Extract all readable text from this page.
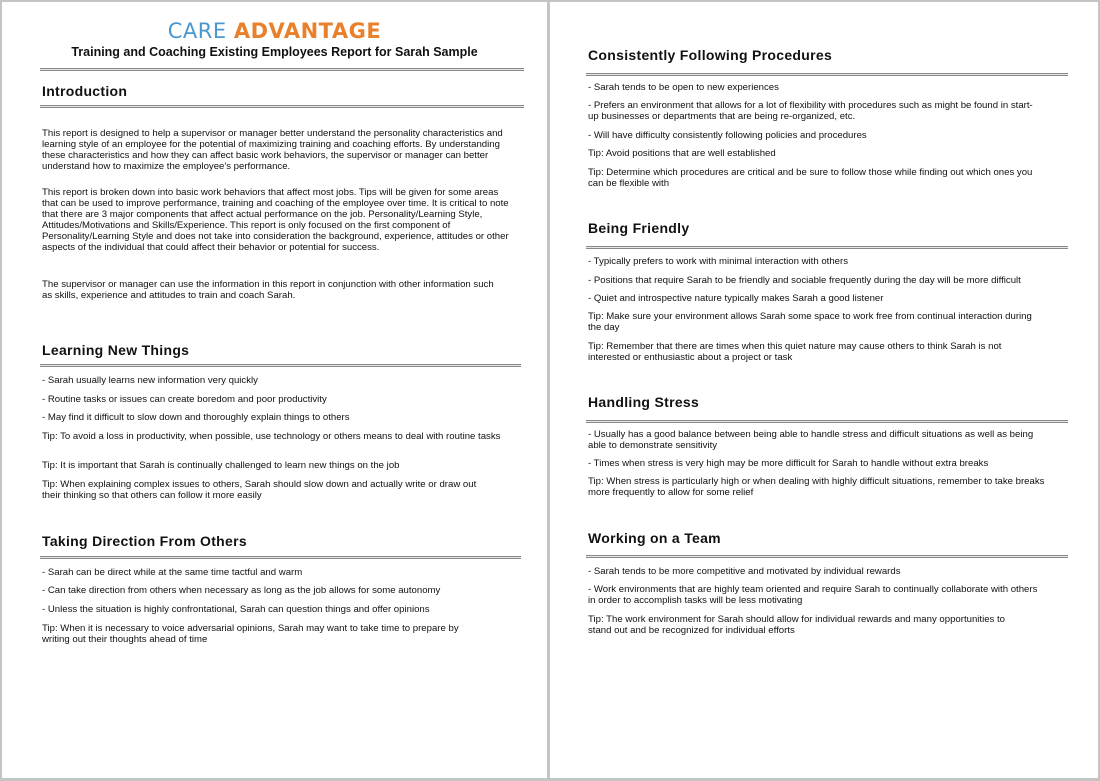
CARE ADVANTAGE
Training and Coaching Existing Employees Report for Sarah Sample
Introduction
This report is designed to help a supervisor or manager better understand the personality characteristics and learning style of an employee for the potential of maximizing training and coaching efforts. By understanding these characteristics and how they can affect basic work behaviors, the supervisor or manager can better understand how to maximize the employee's performance.
This report is broken down into basic work behaviors that affect most jobs. Tips will be given for some areas that can be used to improve performance, training and coaching of the employee over time. It is critical to note that there are 3 major components that affect actual performance on the job. Personality/Learning Style, Attitudes/Motivations and Skills/Experience. This report is only focused on the first component of Personality/Learning Style and does not take into consideration the background, experience, attitudes or other aspects of the individual that could affect their behavior or potential for success.
The supervisor or manager can use the information in this report in conjunction with other information such as skills, experience and attitudes to train and coach Sarah.
Learning New Things
- Sarah usually learns new information very quickly
- Routine tasks or issues can create boredom and poor productivity
- May find it difficult to slow down and thoroughly explain things to others
Tip: To avoid a loss in productivity, when possible, use technology or others means to deal with routine tasks
Tip: It is important that Sarah is continually challenged to learn new things on the job
Tip: When explaining complex issues to others, Sarah should slow down and actually write or draw out their thinking so that others can follow it more easily
Taking Direction From Others
- Sarah can be direct while at the same time tactful and warm
- Can take direction from others when necessary as long as the job allows for some autonomy
- Unless the situation is highly confrontational, Sarah can question things and offer opinions
Tip: When it is necessary to voice adversarial opinions, Sarah may want to take time to prepare by writing out their thoughts ahead of time
Consistently Following Procedures
- Sarah tends to be open to new experiences
- Prefers an environment that allows for a lot of flexibility with procedures such as might be found in start-up businesses or departments that are being re-organized, etc.
- Will have difficulty consistently following policies and procedures
Tip: Avoid positions that are well established
Tip: Determine which procedures are critical and be sure to follow those while finding out which ones you can be flexible with
Being Friendly
- Typically prefers to work with minimal interaction with others
- Positions that require Sarah to be friendly and sociable frequently during the day will be more difficult
- Quiet and introspective nature typically makes Sarah a good listener
Tip: Make sure your environment allows Sarah some space to work free from continual interaction during the day
Tip: Remember that there are times when this quiet nature may cause others to think Sarah is not interested or enthusiastic about a project or task
Handling Stress
- Usually has a good balance between being able to handle stress and difficult situations as well as being able to demonstrate sensitivity
- Times when stress is very high may be more difficult for Sarah to handle without extra breaks
Tip: When stress is particularly high or when dealing with highly difficult situations, remember to take breaks more frequently to allow for some relief
Working on a Team
- Sarah tends to be more competitive and motivated by individual rewards
- Work environments that are highly team oriented and require Sarah to continually collaborate with others in order to accomplish tasks will be less motivating
Tip: The work environment for Sarah should allow for individual rewards and many opportunities to stand out and be recognized for individual efforts
